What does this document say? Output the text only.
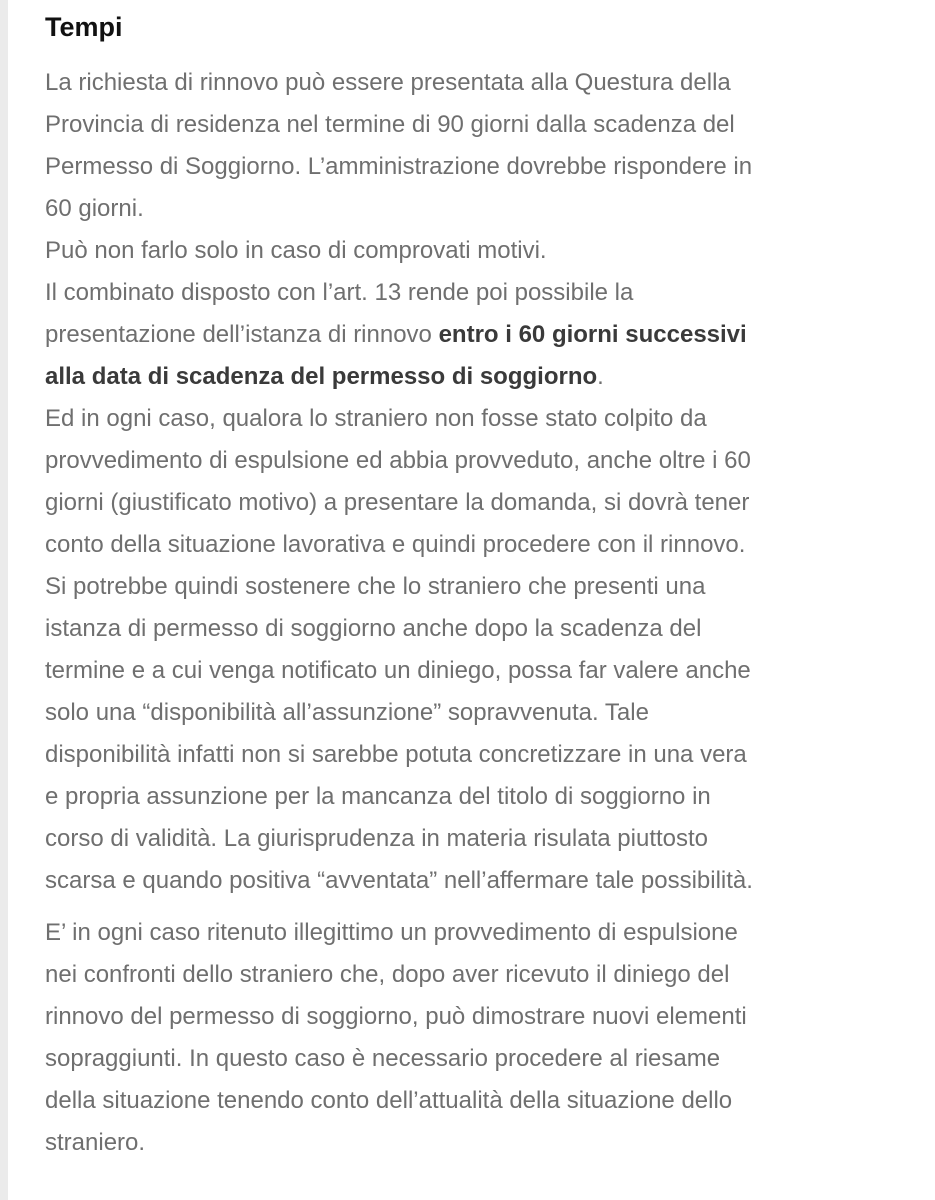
Tempi

La richiesta di rinnovo può essere presentata alla Questura della
Provincia di residenza nel termine di 90 giorni dalla scadenza del
Permesso di Soggiorno. L’amministrazione dovrebbe rispondere in
60 giorni.
Può non farlo solo in caso di comprovati motivi.
Il combinato disposto con l’art. 13 rende poi possibile la
presentazione dell’istanza di rinnovo entro i 60 giorni successivi
alla data di scadenza del permesso di soggiorno.
Ed in ogni caso, qualora lo straniero non fosse stato colpito da
provvedimento di espulsione ed abbia provveduto, anche oltre i 60
giorni (giustificato motivo) a presentare la domanda, si dovrà tener
conto della situazione lavorativa e quindi procedere con il rinnovo.
Si potrebbe quindi sostenere che lo straniero che presenti una
istanza di permesso di soggiorno anche dopo la scadenza del
termine e a cui venga notificato un diniego, possa far valere anche
solo una “disponibilità all’assunzione” sopravvenuta. Tale
disponibilità infatti non si sarebbe potuta concretizzare in una vera
e propria assunzione per la mancanza del titolo di soggiorno in
corso di validità. La giurisprudenza in materia risulata piuttosto
scarsa e quando positiva “avventata” nell’affermare tale possibilità.

E’ in ogni caso ritenuto illegittimo un provvedimento di espulsione
nei confronti dello straniero che, dopo aver ricevuto il diniego del
rinnovo del permesso di soggiorno, può dimostrare nuovi elementi
sopraggiunti. In questo caso è necessario procedere al riesame
della situazione tenendo conto dell’attualità della situazione dello
straniero.
